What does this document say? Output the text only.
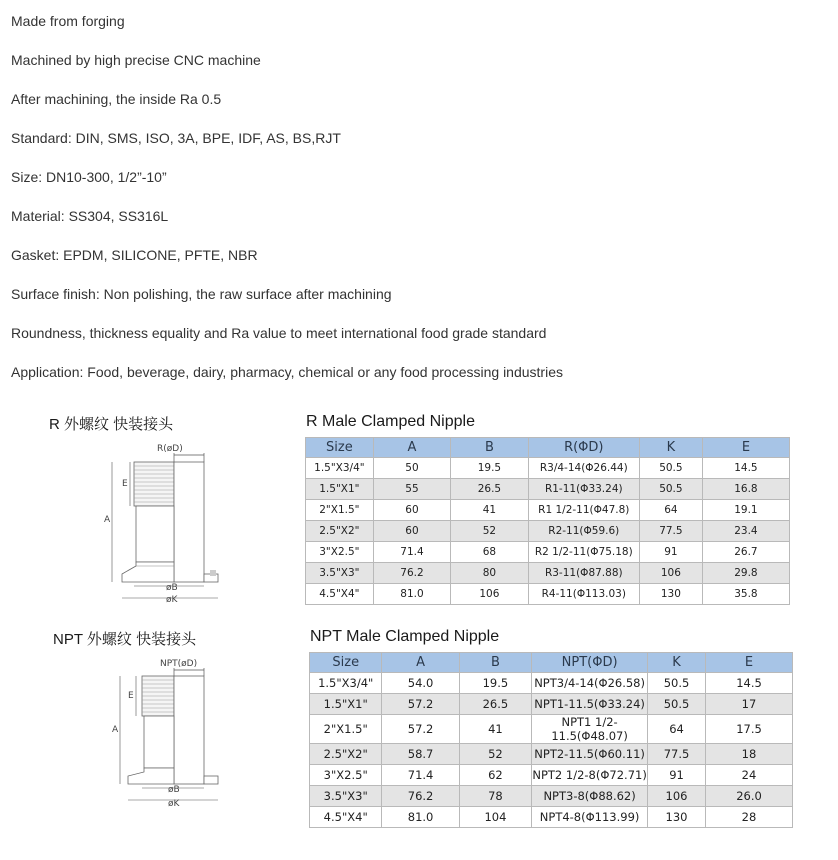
Made from forging
Machined by high precise CNC machine
After machining, the inside Ra 0.5
Standard: DIN, SMS, ISO, 3A, BPE, IDF, AS, BS,RJT
Size: DN10-300, 1/2”-10”
Material: SS304, SS316L
Gasket: EPDM, SILICONE, PFTE, NBR
Surface finish: Non polishing, the raw surface after machining
Roundness, thickness equality and Ra value to meet international food grade standard
Application: Food, beverage, dairy, pharmacy, chemical or any food processing industries
R 外螺纹 快装接头	R Male Clamped Nipple
R(øD)
E
A
øB
øK
Size	A	B	R(ΦD)	K	E
1.5"X3/4"	50	19.5	R3/4-14(Φ26.44)	50.5	14.5
1.5"X1"	55	26.5	R1-11(Φ33.24)	50.5	16.8
2"X1.5"	60	41	R1 1/2-11(Φ47.8)	64	19.1
2.5"X2"	60	52	R2-11(Φ59.6)	77.5	23.4
3"X2.5"	71.4	68	R2 1/2-11(Φ75.18)	91	26.7
3.5"X3"	76.2	80	R3-11(Φ87.88)	106	29.8
4.5"X4"	81.0	106	R4-11(Φ113.03)	130	35.8
NPT 外螺纹 快装接头	NPT Male Clamped Nipple
NPT(øD)
E
A
øB
øK
Size	A	B	NPT(ΦD)	K	E
1.5"X3/4"	54.0	19.5	NPT3/4-14(Φ26.58)	50.5	14.5
1.5"X1"	57.2	26.5	NPT1-11.5(Φ33.24)	50.5	17
2"X1.5"	57.2	41	NPT1 1/2-11.5(Φ48.07)	64	17.5
2.5"X2"	58.7	52	NPT2-11.5(Φ60.11)	77.5	18
3"X2.5"	71.4	62	NPT2 1/2-8(Φ72.71)	91	24
3.5"X3"	76.2	78	NPT3-8(Φ88.62)	106	26.0
4.5"X4"	81.0	104	NPT4-8(Φ113.99)	130	28
